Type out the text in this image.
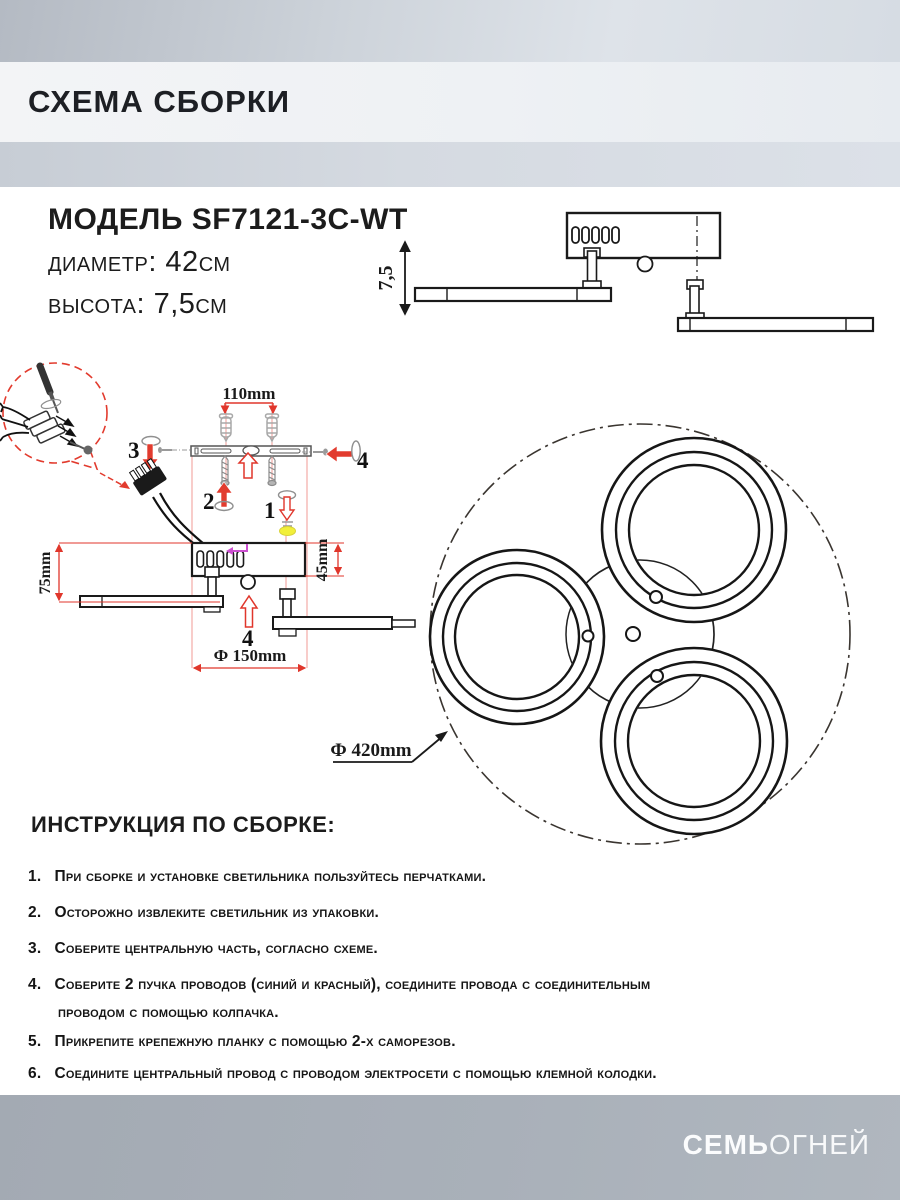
СХЕМА СБОРКИ
МОДЕЛЬ SF7121-3C-WT
диаметр: 42см
высота: 7,5см
7,5
110mm
3	4
2 1
4
75mm	45mm
Ф 150mm
Ф 420mm
ИНСТРУКЦИЯ ПО СБОРКЕ:
1. При сборке и установке светильника пользуйтесь перчатками.
2. Осторожно извлеките светильник из упаковки.
3. Соберите центральную часть, согласно схеме.
4. Соберите 2 пучка проводов (синий и красный), соедините провода с соединительным
проводом с помощью колпачка.
5. Прикрепите крепежную планку с помощью 2-х саморезов.
6. Соедините центральный провод с проводом электросети с помощью клемной колодки.
СЕМЬОГНЕЙ
